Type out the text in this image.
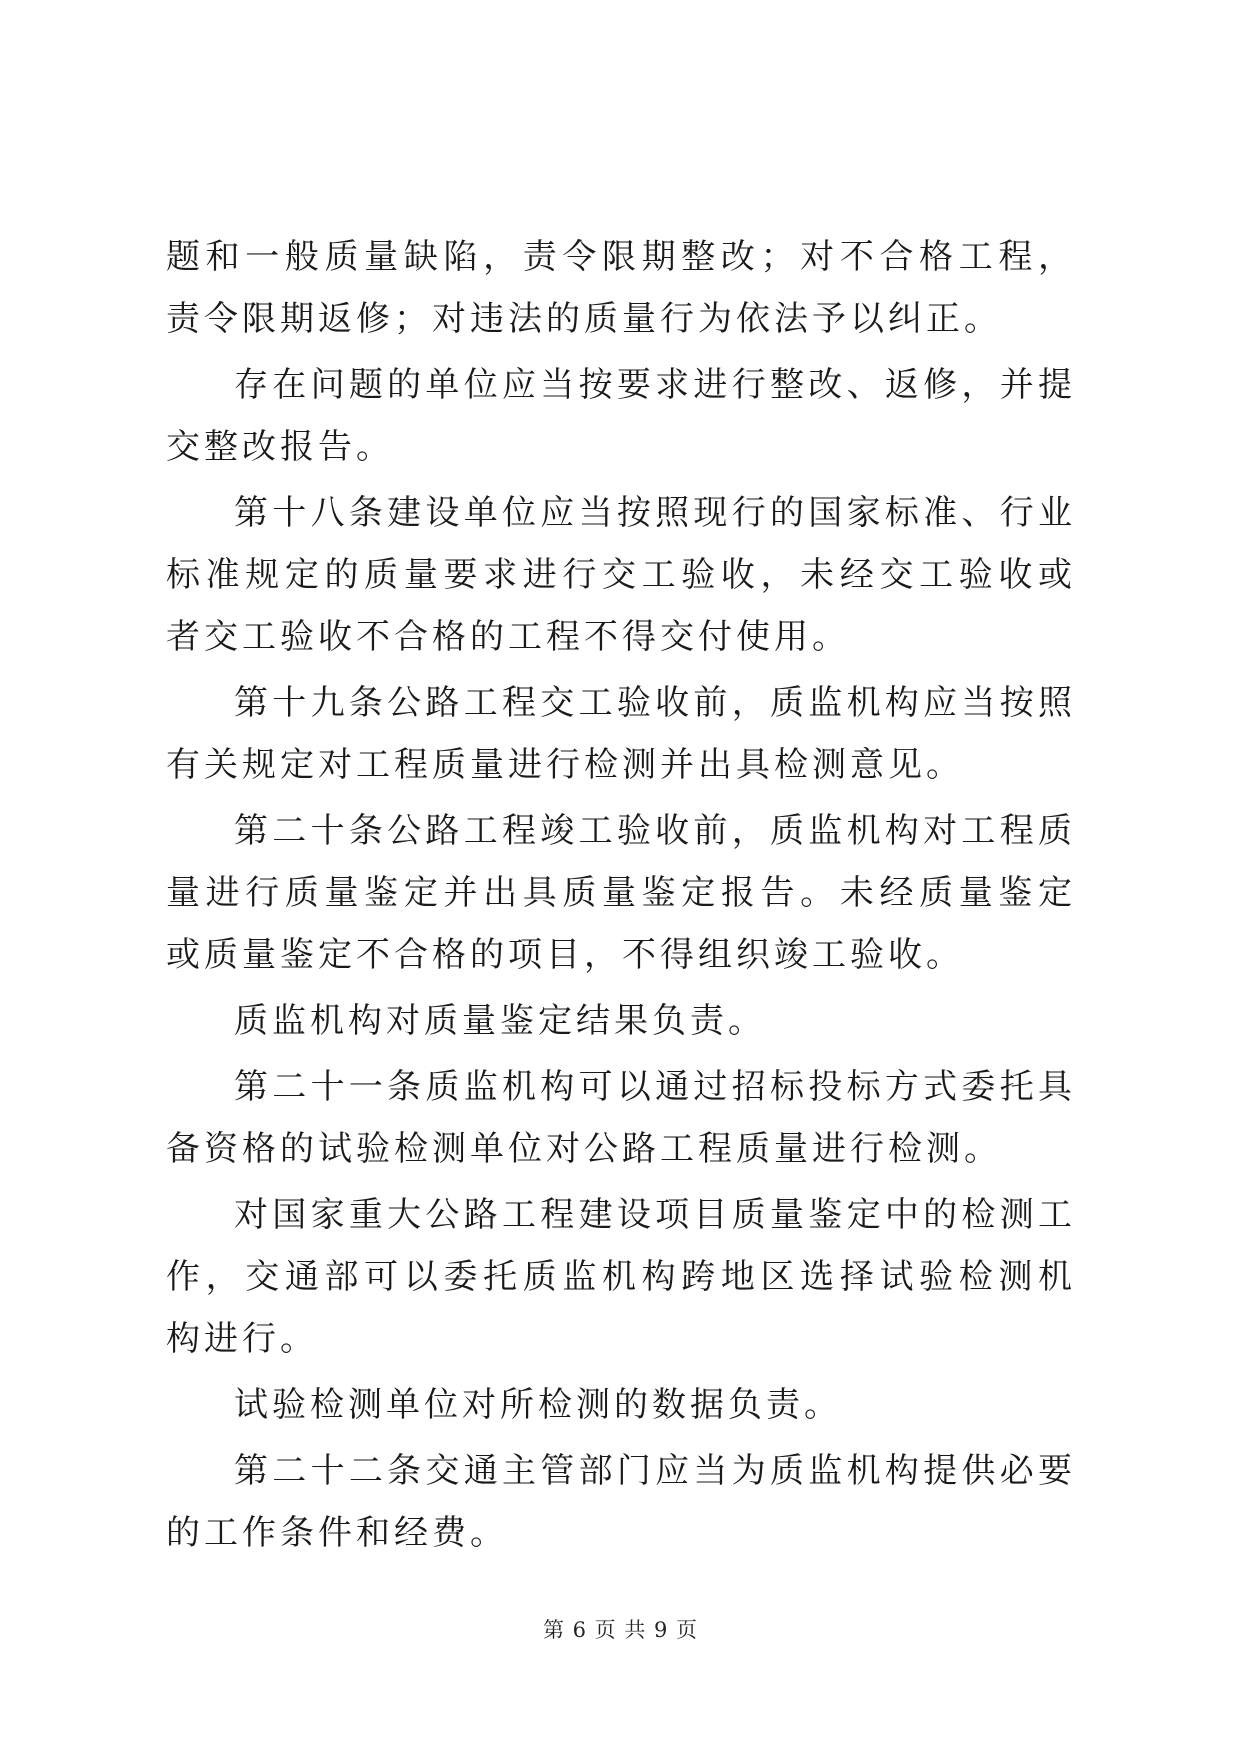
题和一般质量缺陷，责令限期整改；对不合格工程，责令限期返修；对违法的质量行为依法予以纠正。

存在问题的单位应当按要求进行整改、返修，并提交整改报告。

第十八条建设单位应当按照现行的国家标准、行业标准规定的质量要求进行交工验收，未经交工验收或者交工验收不合格的工程不得交付使用。

第十九条公路工程交工验收前，质监机构应当按照有关规定对工程质量进行检测并出具检测意见。

第二十条公路工程竣工验收前，质监机构对工程质量进行质量鉴定并出具质量鉴定报告。未经质量鉴定或质量鉴定不合格的项目，不得组织竣工验收。

质监机构对质量鉴定结果负责。

第二十一条质监机构可以通过招标投标方式委托具备资格的试验检测单位对公路工程质量进行检测。

对国家重大公路工程建设项目质量鉴定中的检测工作，交通部可以委托质监机构跨地区选择试验检测机构进行。

试验检测单位对所检测的数据负责。

第二十二条交通主管部门应当为质监机构提供必要的工作条件和经费。

第 6 页 共 9 页
